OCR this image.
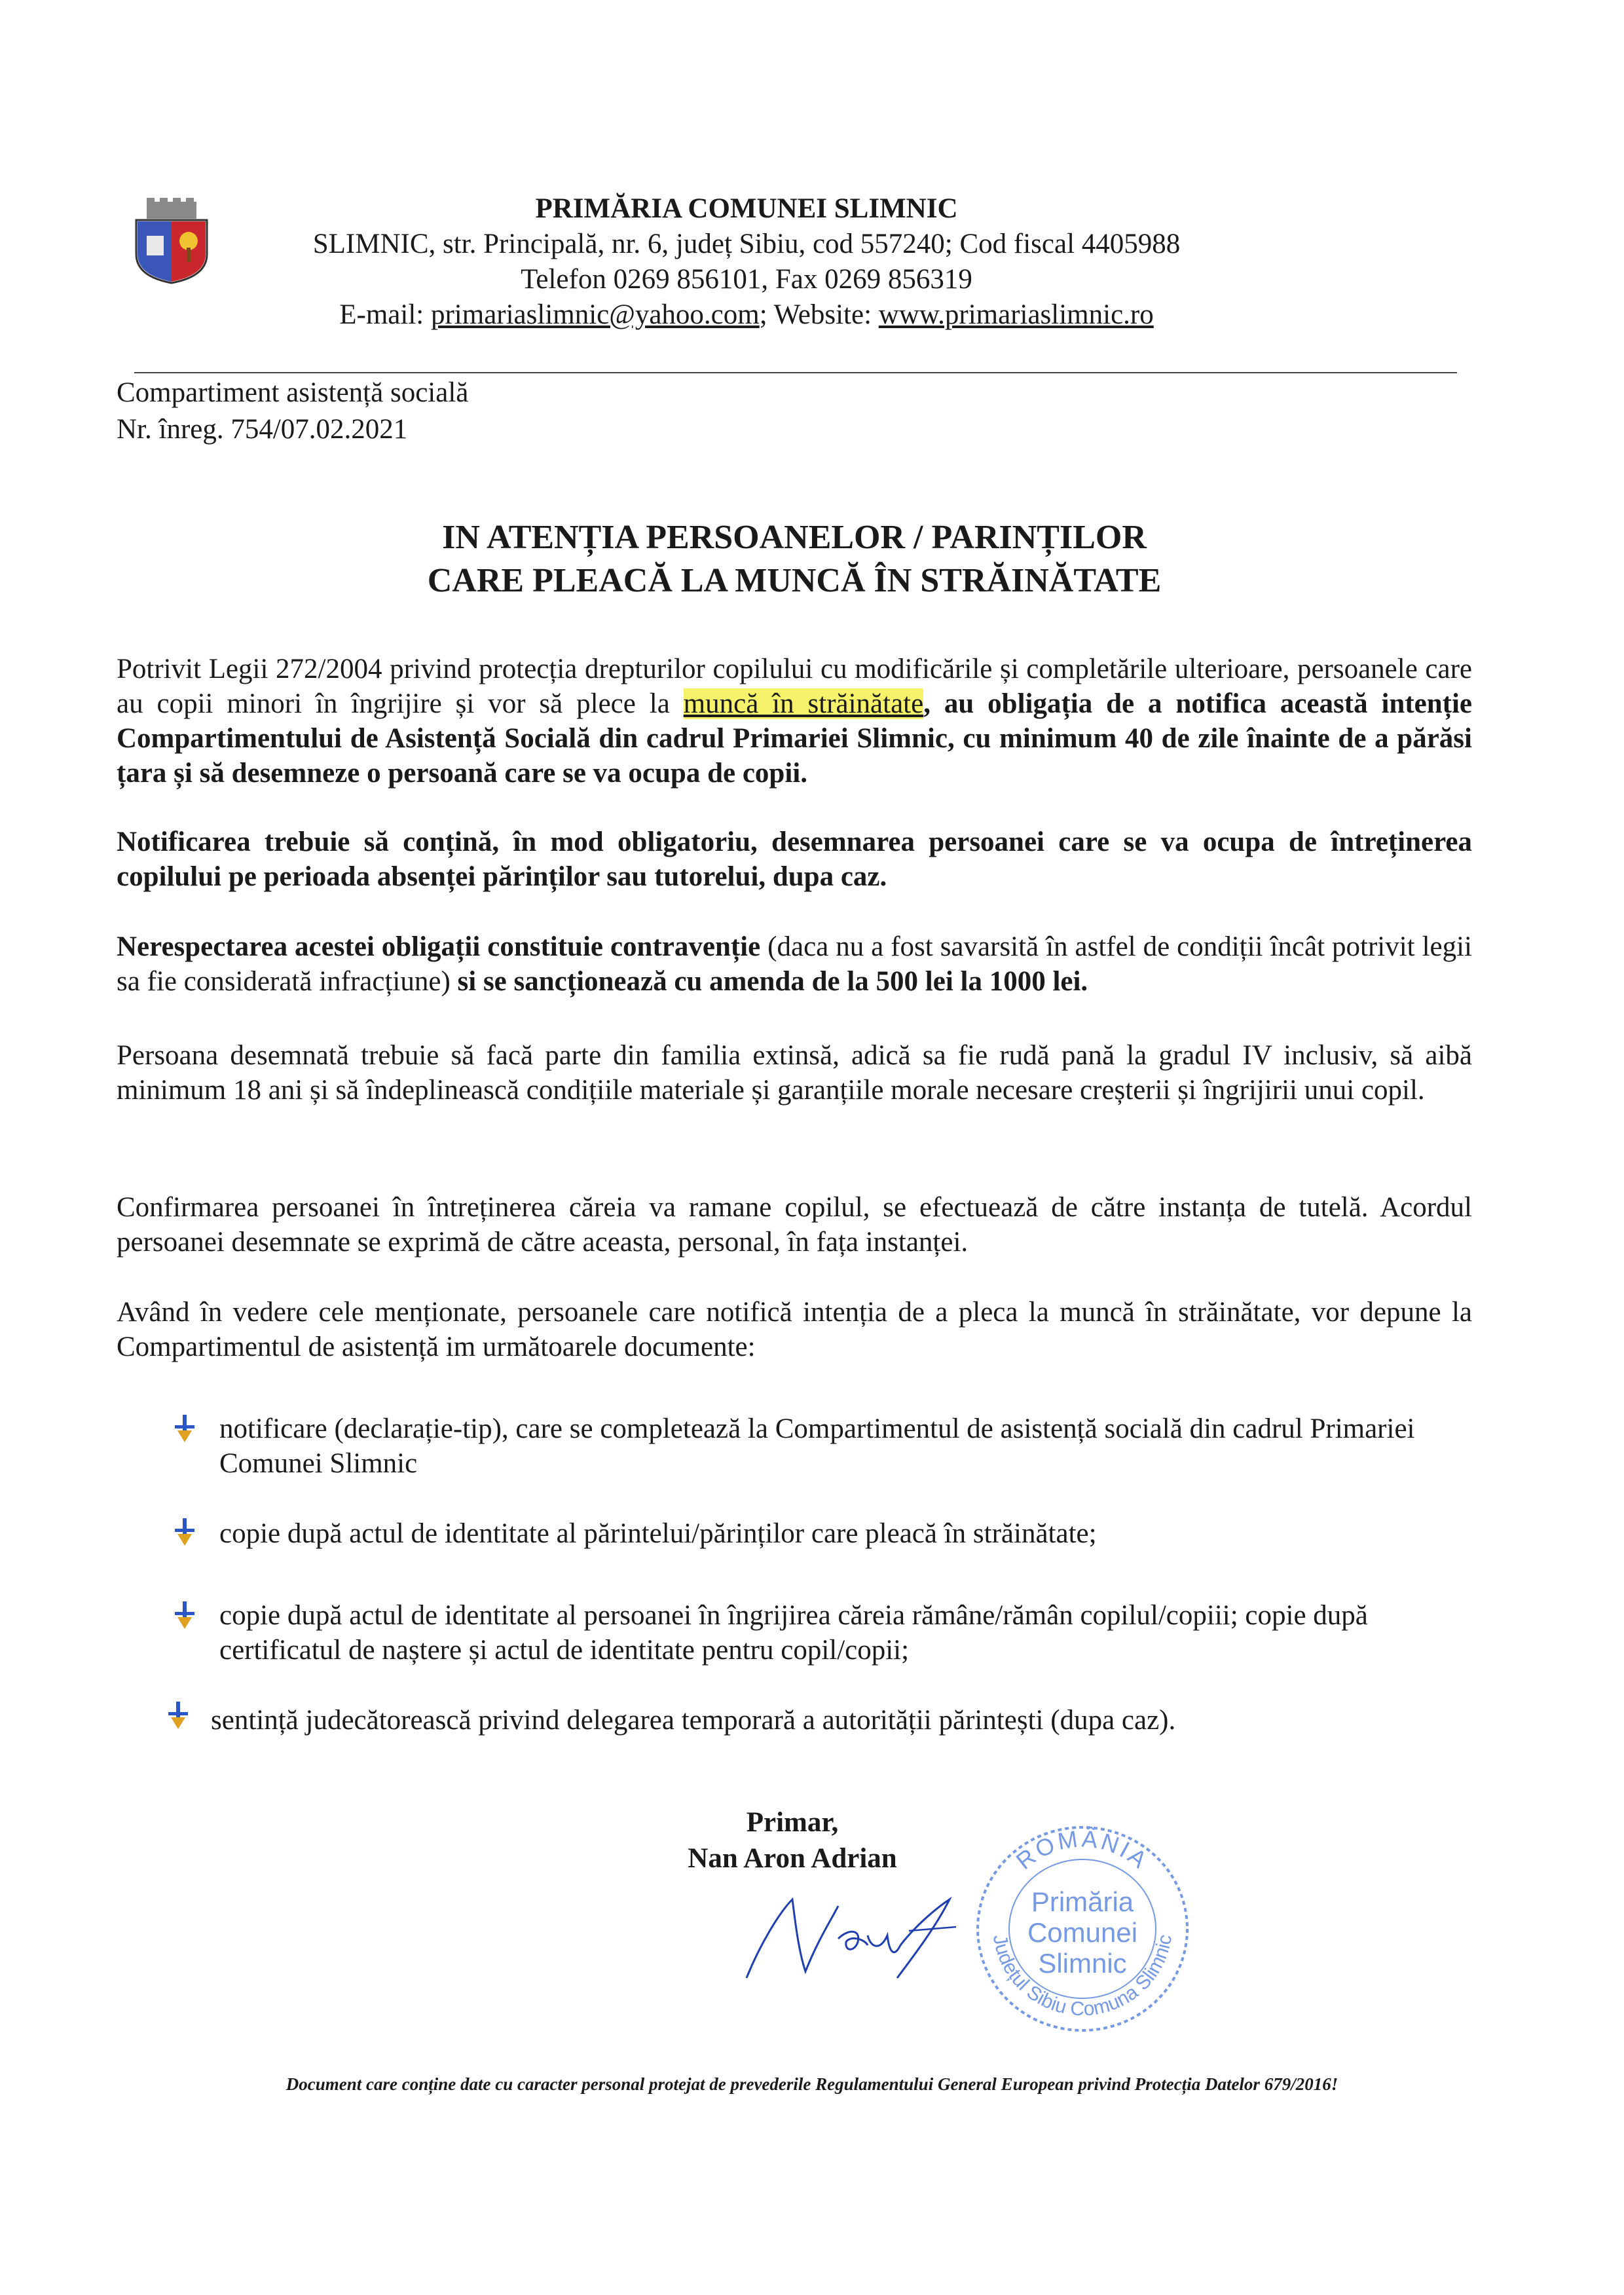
PRIMĂRIA COMUNEI SLIMNIC
SLIMNIC, str. Principală, nr. 6, județ Sibiu, cod 557240; Cod fiscal 4405988
Telefon 0269 856101, Fax 0269 856319
E-mail: primariaslimnic@yahoo.com; Website: www.primariaslimnic.ro
Compartiment asistență socială
Nr. înreg. 754/07.02.2021
IN ATENȚIA PERSOANELOR / PARINȚILOR
CARE PLEACĂ LA MUNCĂ ÎN STRĂINĂTATE
Potrivit Legii 272/2004 privind protecția drepturilor copilului cu modificările și completările ulterioare, persoanele care au copii minori în îngrijire și vor să plece la muncă în străinătate, au obligația de a notifica această intenție Compartimentului de Asistență Socială din cadrul Primariei Slimnic, cu minimum 40 de zile înainte de a părăsi țara și să desemneze o persoană care se va ocupa de copii.
Notificarea trebuie să conțină, în mod obligatoriu, desemnarea persoanei care se va ocupa de întreținerea copilului pe perioada absenței părinților sau tutorelui, dupa caz.
Nerespectarea acestei obligații constituie contravenție (daca nu a fost savarsită în astfel de condiții încât potrivit legii sa fie considerată infracțiune) si se sancționează cu amenda de la 500 lei la 1000 lei.
Persoana desemnată trebuie să facă parte din familia extinsă, adică sa fie rudă pană la gradul IV inclusiv, să aibă minimum 18 ani și să îndeplinească condițiile materiale și garanțiile morale necesare creșterii și îngrijirii unui copil.
Confirmarea persoanei în întreținerea căreia va ramane copilul, se efectuează de către instanța de tutelă. Acordul persoanei desemnate se exprimă de către aceasta, personal, în fața instanței.
Având în vedere cele menționate, persoanele care notifică intenția de a pleca la muncă în străinătate, vor depune la Compartimentul de asistență im următoarele documente:
notificare (declarație-tip), care se completează la Compartimentul de asistență socială din cadrul Primariei Comunei Slimnic
copie după actul de identitate al părintelui/părinților care pleacă în străinătate;
copie după actul de identitate al persoanei în îngrijirea căreia rămâne/rămân copilul/copiii; copie după certificatul de naștere și actul de identitate pentru copil/copii;
sentință judecătorească privind delegarea temporară a autorității părintești (dupa caz).
Primar,
Nan Aron Adrian	ROMÂNIA
Județul Sibiu Comuna Slimnic
Primăria
Comunei
Slimnic
Document care conține date cu caracter personal protejat de prevederile Regulamentului General European privind Protecția Datelor 679/2016!
